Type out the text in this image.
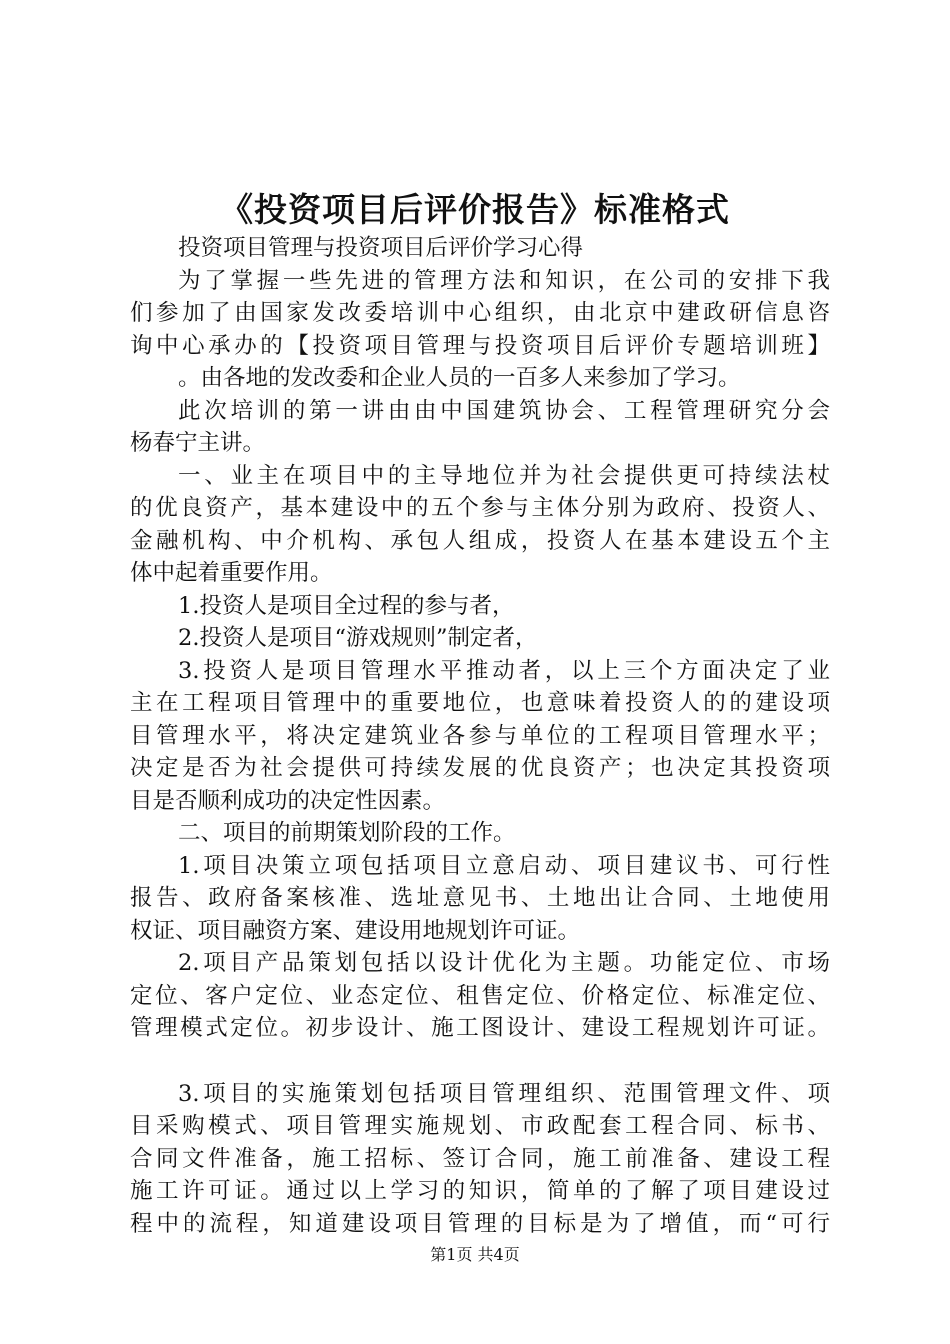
《投资项目后评价报告》标准格式
投资项目管理与投资项目后评价学习心得
为了掌握一些先进的管理方法和知识，在公司的安排下我
们参加了由国家发改委培训中心组织，由北京中建政研信息咨
询中心承办的【投资项目管理与投资项目后评价专题培训班】
。由各地的发改委和企业人员的一百多人来参加了学习。
此次培训的第一讲由由中国建筑协会、工程管理研究分会
杨春宁主讲。
一、业主在项目中的主导地位并为社会提供更可持续法杖
的优良资产，基本建设中的五个参与主体分别为政府、投资人、
金融机构、中介机构、承包人组成，投资人在基本建设五个主
体中起着重要作用。
1.投资人是项目全过程的参与者，
2.投资人是项目“游戏规则”制定者，
3.投资人是项目管理水平推动者，以上三个方面决定了业
主在工程项目管理中的重要地位，也意味着投资人的的建设项
目管理水平，将决定建筑业各参与单位的工程项目管理水平；
决定是否为社会提供可持续发展的优良资产；也决定其投资项
目是否顺利成功的决定性因素。
二、项目的前期策划阶段的工作。
1.项目决策立项包括项目立意启动、项目建议书、可行性
报告、政府备案核准、选址意见书、土地出让合同、土地使用
权证、项目融资方案、建设用地规划许可证。
2.项目产品策划包括以设计优化为主题。功能定位、市场
定位、客户定位、业态定位、租售定位、价格定位、标准定位、
管理模式定位。初步设计、施工图设计、建设工程规划许可证。
3.项目的实施策划包括项目管理组织、范围管理文件、项
目采购模式、项目管理实施规划、市政配套工程合同、标书、
合同文件准备，施工招标、签订合同，施工前准备、建设工程
施工许可证。通过以上学习的知识，简单的了解了项目建设过
程中的流程，知道建设项目管理的目标是为了增值，而“可行
第1页 共4页
